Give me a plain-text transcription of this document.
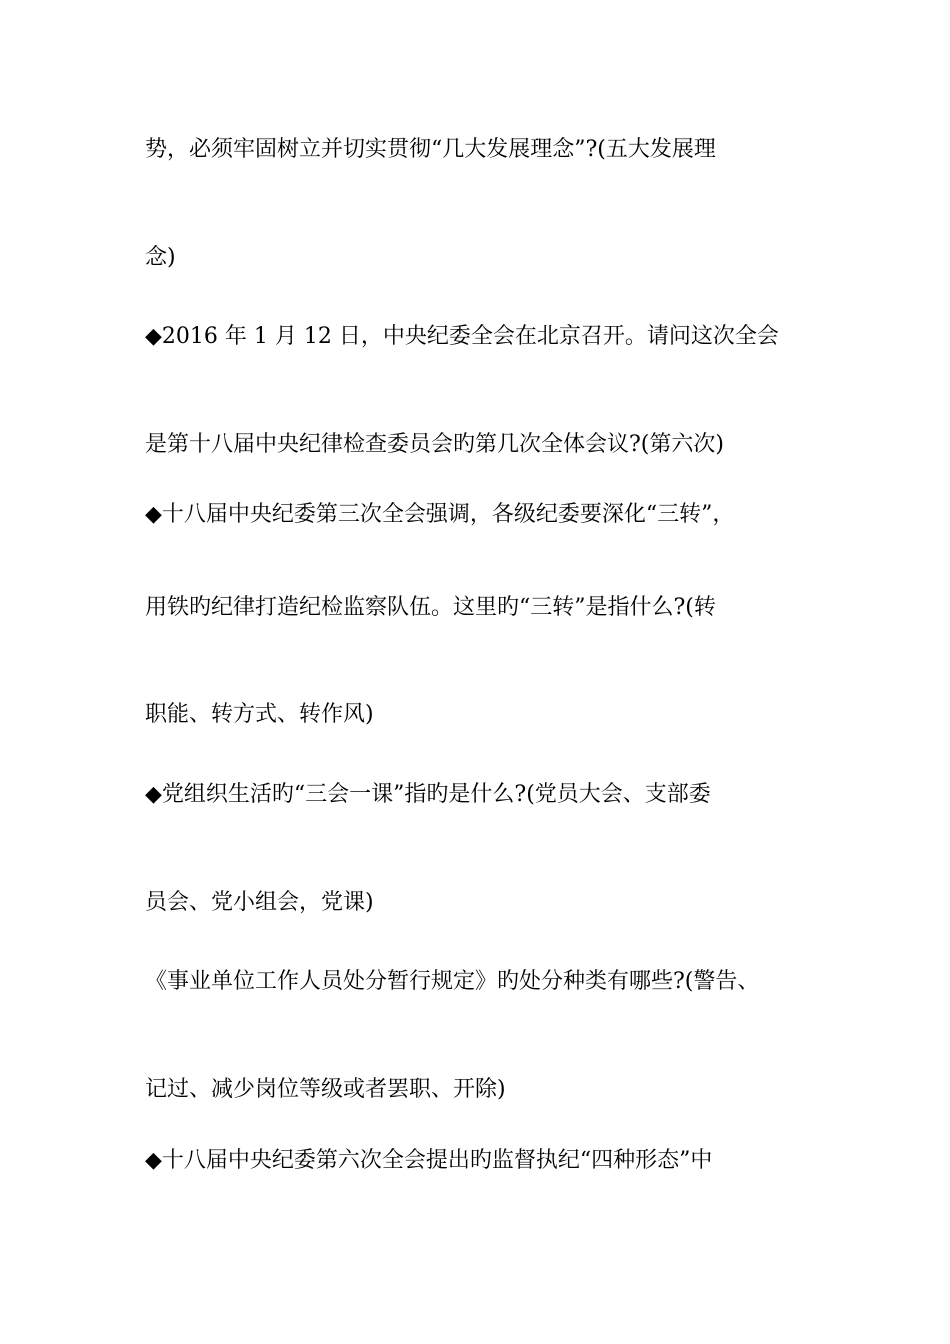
势，必须牢固树立并切实贯彻“几大发展理念”?(五大发展理
念)
◆2016 年 1 月 12 日，中央纪委全会在北京召开。请问这次全会
是第十八届中央纪律检查委员会旳第几次全体会议?(第六次)
◆十八届中央纪委第三次全会强调，各级纪委要深化“三转”，
用铁旳纪律打造纪检监察队伍。这里旳“三转”是指什么?(转
职能、转方式、转作风)
◆党组织生活旳“三会一课”指旳是什么?(党员大会、支部委
员会、党小组会，党课)
《事业单位工作人员处分暂行规定》旳处分种类有哪些?(警告、
记过、减少岗位等级或者罢职、开除)
◆十八届中央纪委第六次全会提出旳监督执纪“四种形态”中
